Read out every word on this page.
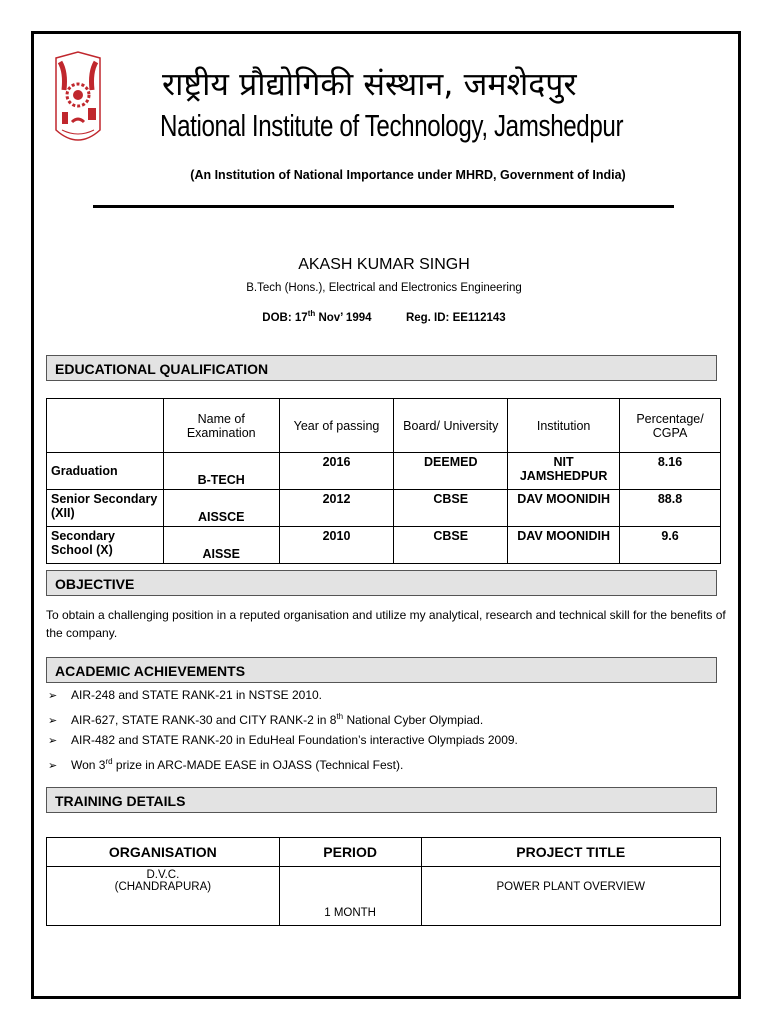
राष्ट्रीय प्रौद्योगिकी संस्थान, जमशेदपुर
National Institute of Technology, Jamshedpur
(An Institution of National Importance under MHRD, Government of India)
AKASH KUMAR SINGH
B.Tech (Hons.), Electrical and Electronics Engineering
DOB: 17th Nov’ 1994	Reg. ID: EE112143
EDUCATIONAL QUALIFICATION
	Name of Examination	Year of passing	Board/ University	Institution	Percentage/ CGPA
Graduation	B-TECH	2016	DEEMED	NIT JAMSHEDPUR	8.16
Senior Secondary (XII)	AISSCE	2012	CBSE	DAV MOONIDIH	88.8
Secondary School (X)	AISSE	2010	CBSE	DAV MOONIDIH	9.6
OBJECTIVE
To obtain a challenging position in a reputed organisation and utilize my analytical, research and technical skill for the benefits of the company.
ACADEMIC ACHIEVEMENTS
➢ AIR-248 and STATE RANK-21 in NSTSE 2010.
➢ AIR-627, STATE RANK-30 and CITY RANK-2 in 8th National Cyber Olympiad.
➢ AIR-482 and STATE RANK-20 in EduHeal Foundation’s interactive Olympiads 2009.
➢ Won 3rd prize in ARC-MADE EASE in OJASS (Technical Fest).
TRAINING DETAILS
ORGANISATION	PERIOD	PROJECT TITLE

D.V.C.
(CHANDRAPURA)	1 MONTH	POWER PLANT OVERVIEW
